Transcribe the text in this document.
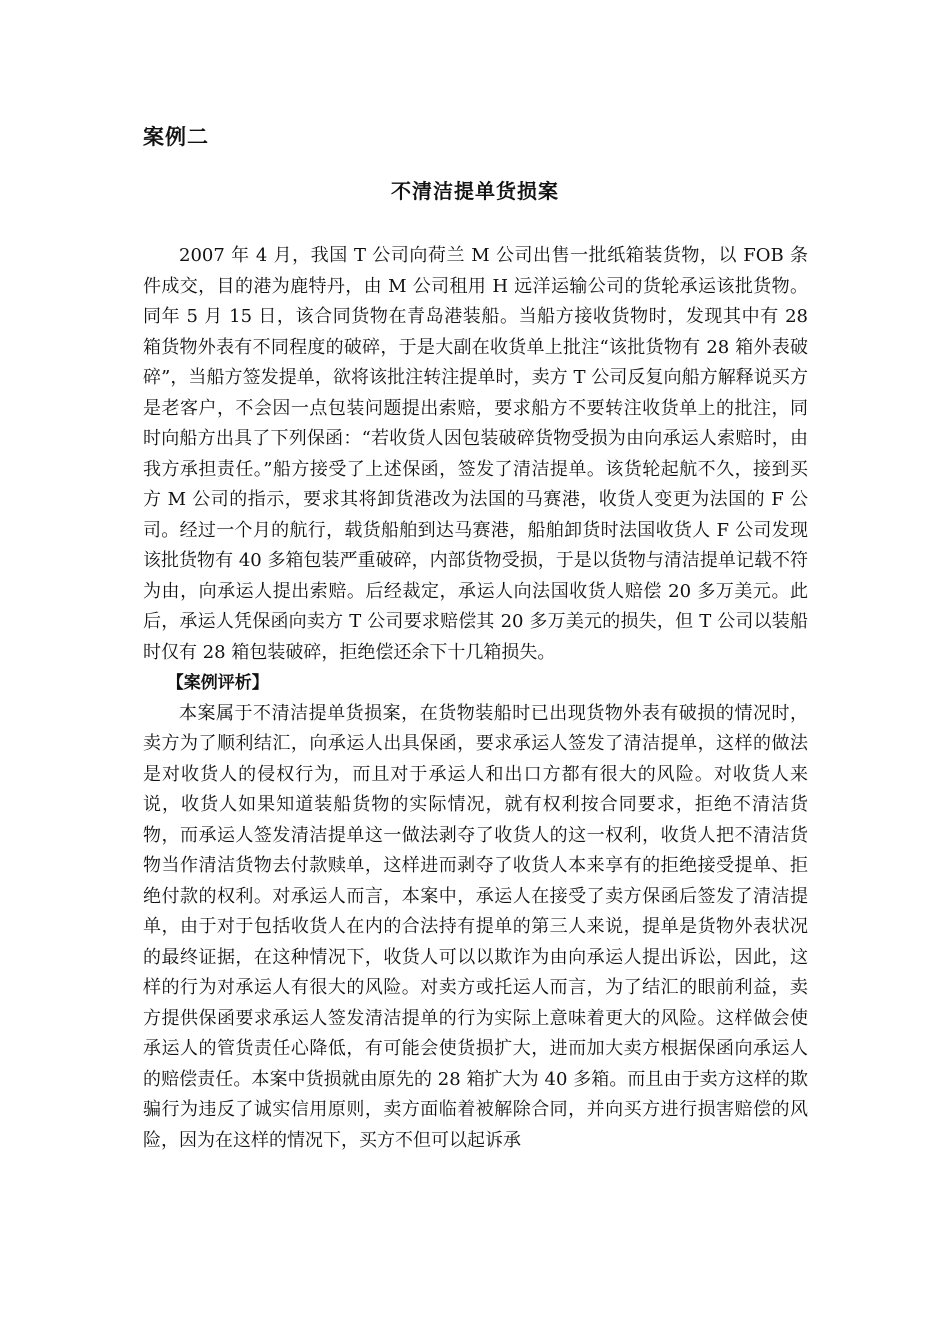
案例二
不清洁提单货损案

2007 年 4 月，我国 T 公司向荷兰 M 公司出售一批纸箱装货物，以 FOB 条件成交，目的港为鹿特丹，由 M 公司租用 H 远洋运输公司的货轮承运该批货物。同年 5 月 15 日，该合同货物在青岛港装船。当船方接收货物时，发现其中有 28 箱货物外表有不同程度的破碎，于是大副在收货单上批注“该批货物有 28 箱外表破碎”，当船方签发提单，欲将该批注转注提单时，卖方 T 公司反复向船方解释说买方是老客户，不会因一点包装问题提出索赔，要求船方不要转注收货单上的批注，同时向船方出具了下列保函：“若收货人因包装破碎货物受损为由向承运人索赔时，由我方承担责任。”船方接受了上述保函，签发了清洁提单。该货轮起航不久，接到买方 M 公司的指示，要求其将卸货港改为法国的马赛港，收货人变更为法国的 F 公司。经过一个月的航行，载货船舶到达马赛港，船舶卸货时法国收货人 F 公司发现该批货物有 40 多箱包装严重破碎，内部货物受损，于是以货物与清洁提单记载不符为由，向承运人提出索赔。后经裁定，承运人向法国收货人赔偿 20 多万美元。此后，承运人凭保函向卖方 T 公司要求赔偿其 20 多万美元的损失，但 T 公司以装船时仅有 28 箱包装破碎，拒绝偿还余下十几箱损失。

【案例评析】

本案属于不清洁提单货损案，在货物装船时已出现货物外表有破损的情况时，卖方为了顺利结汇，向承运人出具保函，要求承运人签发了清洁提单，这样的做法是对收货人的侵权行为，而且对于承运人和出口方都有很大的风险。对收货人来说，收货人如果知道装船货物的实际情况，就有权利按合同要求，拒绝不清洁货物，而承运人签发清洁提单这一做法剥夺了收货人的这一权利，收货人把不清洁货物当作清洁货物去付款赎单，这样进而剥夺了收货人本来享有的拒绝接受提单、拒绝付款的权利。对承运人而言，本案中，承运人在接受了卖方保函后签发了清洁提单，由于对于包括收货人在内的合法持有提单的第三人来说，提单是货物外表状况的最终证据，在这种情况下，收货人可以以欺诈为由向承运人提出诉讼，因此，这样的行为对承运人有很大的风险。对卖方或托运人而言，为了结汇的眼前利益，卖方提供保函要求承运人签发清洁提单的行为实际上意味着更大的风险。这样做会使承运人的管货责任心降低，有可能会使货损扩大，进而加大卖方根据保函向承运人的赔偿责任。本案中货损就由原先的 28 箱扩大为 40 多箱。而且由于卖方这样的欺骗行为违反了诚实信用原则，卖方面临着被解除合同，并向买方进行损害赔偿的风险，因为在这样的情况下，买方不但可以起诉承
